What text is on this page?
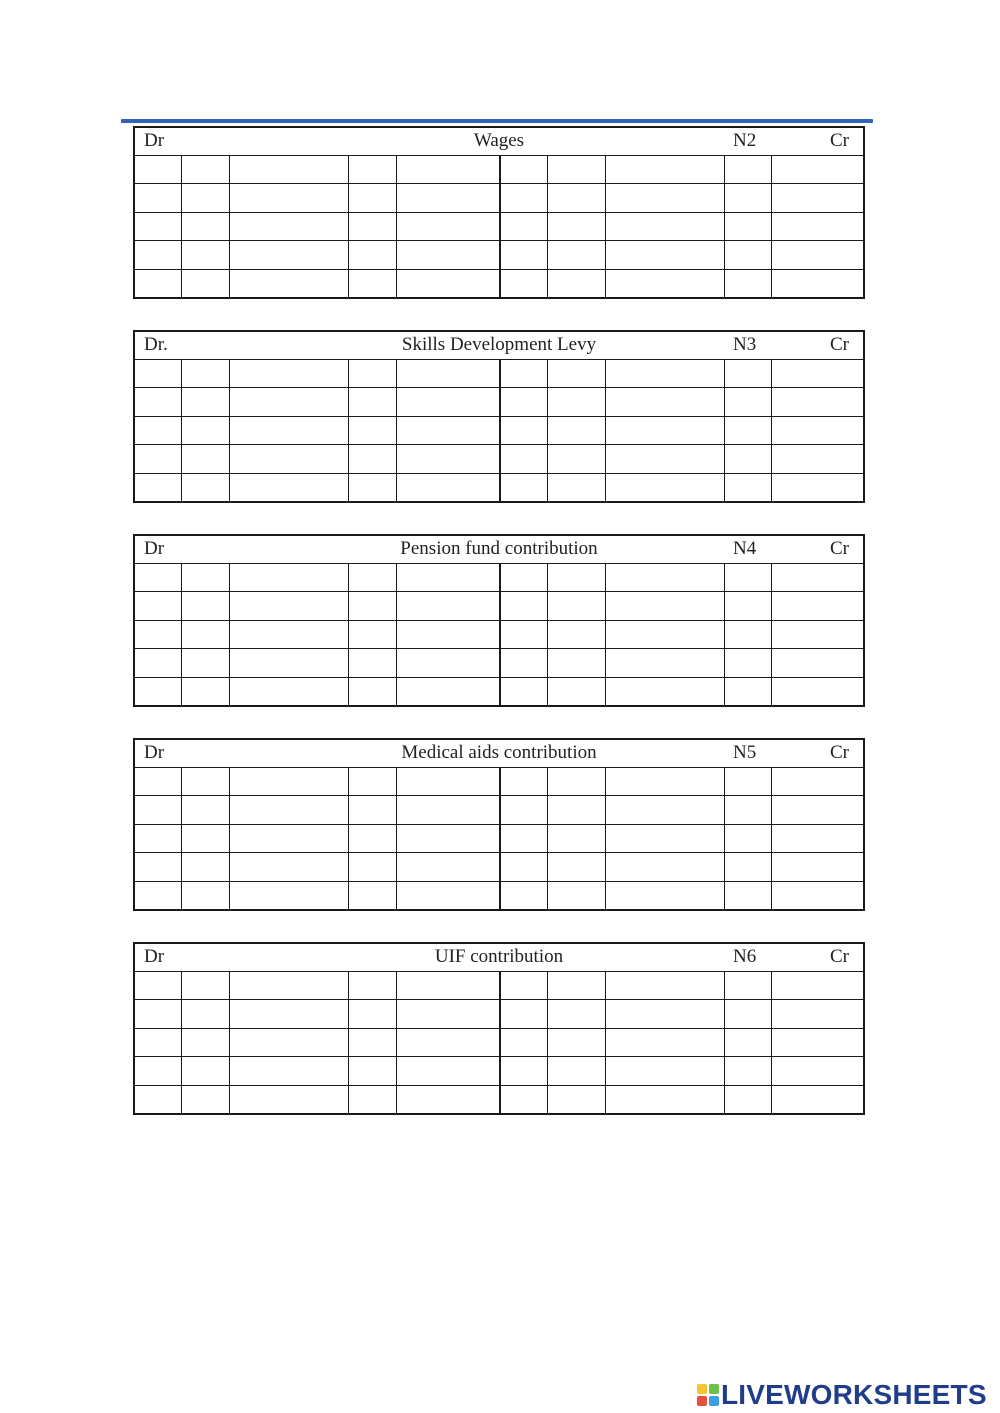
Dr	Wages	N2	Cr
Dr.	Skills Development Levy	N3	Cr
Dr	Pension fund contribution	N4	Cr
Dr	Medical aids contribution	N5	Cr
Dr	UIF contribution	N6	Cr
LIVEWORKSHEETS
